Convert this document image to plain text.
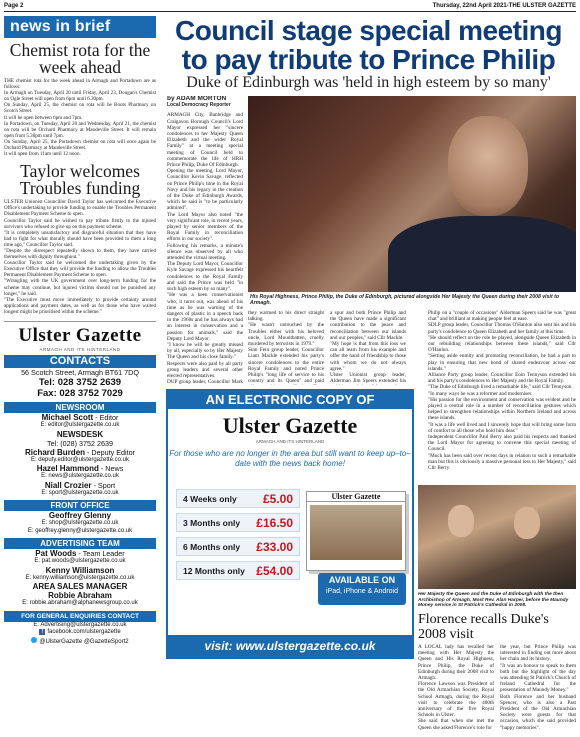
Page 2	Thursday, 22nd April 2021-THE ULSTER GAZETTE
news in brief
Chemist rota for the week ahead

THE chemist rota for the week ahead in Armagh and Portadown are as follows:

In Armagh on Tuesday, April 20 until Friday, April 23, Dougan's Chemist on Ogle Street will open from 6pm until 6.30pm.

On Sunday, April 25, the chemist on rota will be Boots Pharmacy on Scotch Street.

It will be open between 6pm and 7pm.

In Portadown, on Tuesday, April 20 and Wednesday, April 21, the chemist on rota will be Orchard Pharmacy at Mandeville Street. It will remain open from 5.30pm until 7pm.

On Sunday, April 25, the Portadown chemist on rota will once again be Orchard Pharmacy at Mandeville Street.

It will open from 11am until 12 noon.

Taylor welcomes Troubles funding

ULSTER Unionist Councillor David Taylor has welcomed the Executive Office's undertaking to provide funding to enable the Troubles Permanent Disablement Payment Scheme to open.

Councillor Taylor said he wished to pay tribute firstly to the injured survivors who refused to give up on this payment scheme.

"It is completely unsatisfactory and disgraceful situation that they have had to fight for what morally should have been provided to them a long time ago," Councillor Taylor said.

"Despite the disrespect repeatedly shown to them, they have carried themselves with dignity throughout."

Councillor Taylor said he welcomed the undertaking given by the Executive Office that they will provide the funding to allow the Troubles Permanent Disablement Payment Scheme to open.

"Wrangling with the UK government over long-term funding for the scheme may continue, but injured victims should not be punished any longer," he said.

"The Executive must move immediately to provide certainty around applications and payment dates, as well as for those who have waited longest might be prioritised within the scheme."

Ulster Gazette
ARMAGH AND ITS HINTERLAND
CONTACTS
56 Scotch Street, Armagh BT61 7DQ
Tel: 028 3752 2639
Fax: 028 3752 7029
NEWSROOM
Michael Scott - Editor
E: editor@ulstergazette.co.uk
NEWSDESK
Tel: (028) 3752 2639
Richard Burden - Deputy Editor
E: deputy.editor@ulstergazette.co.uk
Hazel Hammond - News
E: news@ulstergazette.co.uk
Niall Crozier - Sport
E: sport@ulstergazette.co.uk
FRONT OFFICE
Geoffrey Glenny
E: shop@ulstergazette.co.uk
E: geoffrey.glenny@ulstergazette.co.uk
ADVERTISING TEAM
Pat Woods - Team Leader
E: pat.woods@ulstergazette.co.uk
Kenny Williamson
E: kenny.williamson@ulstergazette.co.uk
AREA SALES MANAGER
Robbie Abraham
E: robbie.abraham@alphanewsgroup.co.uk
FOR GENERAL ENQUIRIES CONTACT
E: Advertising@ulstergazette.co.uk
f facebook.com/ulstergazette
@UlsterGazette @GazetteSport2
Council stage special meeting to pay tribute to Prince Philip
Duke of Edinburgh was 'held in high esteem by so many'
by ADAM MORTON
Local Democracy Reporter

ARMAGH City, Banbridge and Craigavon Borough Council's Lord Mayor expressed her "sincere condolences to her Majesty Queen Elizabeth and the wider Royal Family" at a meeting special meeting of Council held to commemorate the life of HRH Prince Philip, Duke Of Edinburgh.

Opening the meeting, Lord Mayor, Councillor Kevin Savage, reflected on Prince Philip's time in the Royal Navy and his legacy in the creation of the Duke of Edinburgh Awards, which he said is "to be particularly admired".

The Lord Mayor also noted "the very significant role, in recent years, played by senior members of the Royal Family in reconciliation efforts in our society".

Following his remarks, a minute's silence was observed by all who attended the virtual meeting.

The Deputy Lord Mayor, Councillor Kyle Savage expressed his heartfelt condolences to the Royal Family and said the Prince was held "in such high esteem by so many".

"He was a keen conservationist who, it turns out, was ahead of his time as he was warning of the dangers of plastic in a speech back in the 1960s and he has always had an interest in conservation and a passion for animals," said the Deputy Lord Mayor.

"I know he will be greatly missed by all, especially so by Her Majesty The Queen and his close family."

Respects were also paid by all party group leaders and several other elected representatives.

DUP group leader, Councillor Mark

His Royal Highness, Prince Philip, the Duke of Edinburgh, pictured alongside Her Majesty the Queen during their 2008 visit to Armagh.

they warmed to his direct straight talking.

"He wasn't untouched by the Troubles either with his beloved uncle, Lord Mountbatten, cruelly murdered by terrorists in 1979."

Sinn Fein group leader, Councillor Liam Mackle extended his party's sincere condolences to the entire Royal Family and noted Prince Philip's "long life of service to his country and its Queen" and paid

a spur and both Prince Philip and the Queen have made a significant contribution to the peace and reconciliation between our islands and our peoples," said Cllr Mackle.

"My hope is that from this loss we can all learn from his example and offer the hand of friendship to those with whom we do not always agree."

Ulster Unionist group leader, Alderman Jim Speers extended his

Philip on a "couple of occasions" Alderman Speers said he was "great chat" and brilliant at making people feel at ease.

SDLP group leader, Councillor Thomas O'Hanlon also sent his and his party's condolence to Queen Elizabeth and her family at this time.

"He should reflect on the role he played, alongside Queen Elizabeth in our rebuilding relationships between these islands," said Cllr O'Hanlon.

"Setting aside enmity and promoting reconciliation, he had a part to play in ensuring that new bond of shared endeavour across our islands."

Alliance Party group leader, Councillor Eoin Tennyson extended his and his party's condolences to Her Majesty and the Royal Family.

"The Duke of Edinburgh lived a remarkable life," said Cllr Tennyson.

"In many ways he was a reformer and moderniser.

"His passion for the environment and conservation was evident and he played a central role in a number of reconciliation gestures which helped to strengthen relationships within Northern Ireland and across these islands.

"It was a life well lived and I sincerely hope that will bring some form of comfort to all those who hold him dear."

Independent Councillor Paul Berry also paid his respects and thanked the Lord Mayor for agreeing to convene this special meeting of Council.

"Much has been said over recent days in relation to such a remarkable man but this is obviously a massive personal loss to Her Majesty," said Cllr Berry.

AN ELECTRONIC COPY OF
Ulster Gazette
ARMAGH AND ITS HINTERLAND
For those who are no longer in the area but still want to keep up–to–date with the news back home!
£5.00
4 Weeks only
£16.50
3 Months only
£33.00
6 Months only
£54.00
12 Months only
Ulster Gazette
AVAILABLE ON
iPad, iPhone & Android
visit: www.ulstergazette.co.uk
Her Majesty the Queen and the Duke of Edinburgh with the then Archbishop of Armagh, Most Rev. Alan Harper, before the Maundy Money service in St Patrick's Cathedral in 2008.
Florence recalls Duke's 2008 visit

A LOCAL lady has recalled her meeting with Her Majesty the Queen and His Royal Highness, Prince Philip, the Duke of Edinburgh during their 2008 visit to Armagh.

Florence Lawson was President of the Old Armachian Society, Royal School Armagh, during the Royal visit to celebrate the 400th anniversary of the five Royal Schools in Ulster.

She said that when she met the Queen she asked Florence's role for

the year, but Prince Philip was interested in finding out more about her chain and its history.

"It was an honour to speak to them both but the highlight of the day was attending St Patrick's Church of Ireland Cathedral for the presentation of Maundy Money."

Both Florence and her husband Spencer, who is also a Past President of the Old Armachian Society were guests for that occasion, which she said provided "happy memories".
